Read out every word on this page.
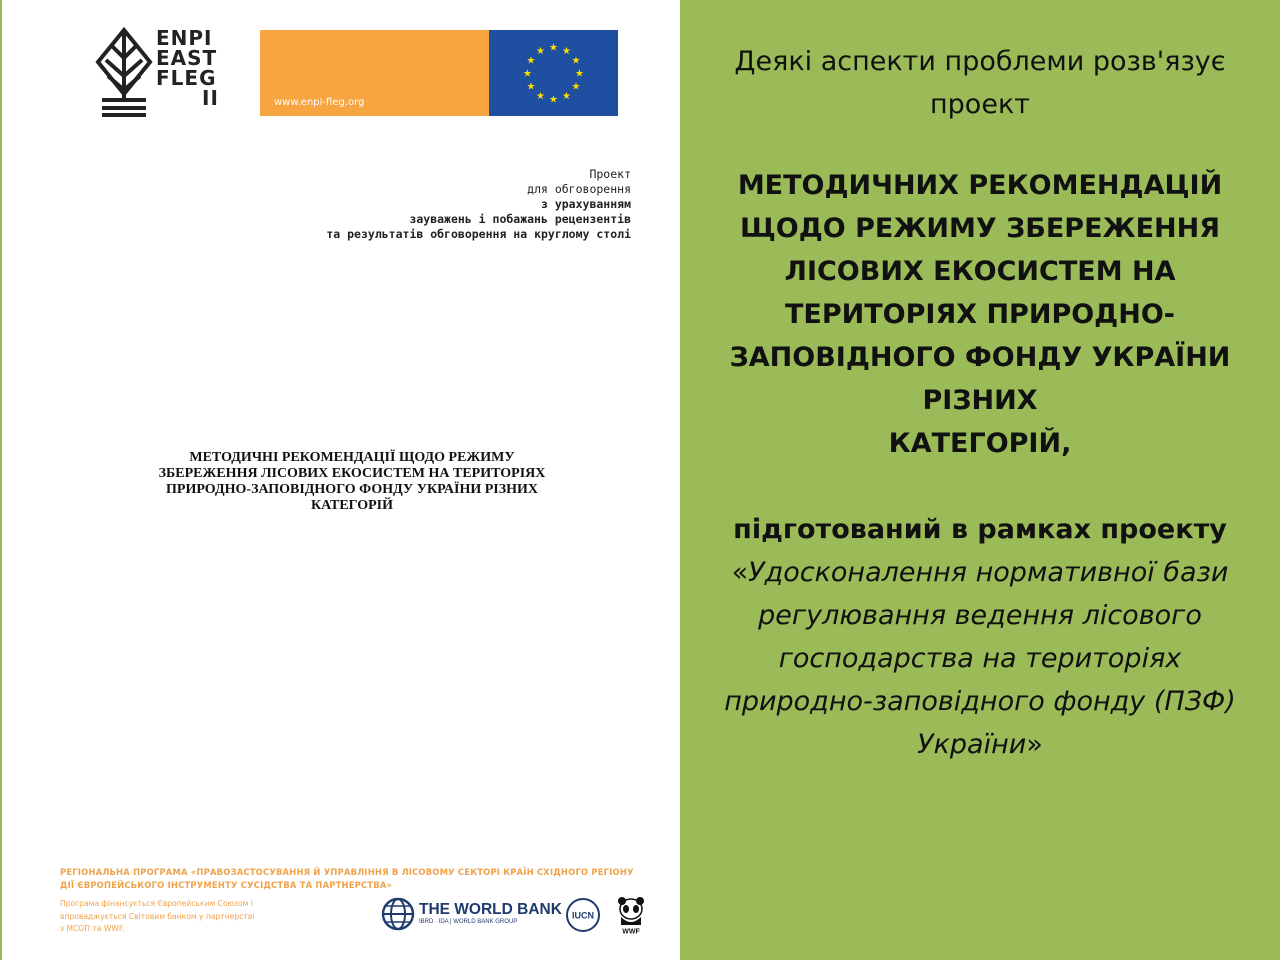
ENPI
EAST
FLEG
II	www.enpi-fleg.org
★ ★
★
★
★
★
★
★
★
★
★
★
Проект
для обговорення
з урахуванням
зауважень і побажань рецензентів
та результатів обговорення на круглому столі
МЕТОДИЧНІ РЕКОМЕНДАЦІЇ ЩОДО РЕЖИМУ
ЗБЕРЕЖЕННЯ ЛІСОВИХ ЕКОСИСТЕМ НА ТЕРИТОРІЯХ
ПРИРОДНО-ЗАПОВІДНОГО ФОНДУ УКРАЇНИ РІЗНИХ
КАТЕГОРІЙ
РЕГІОНАЛЬНА ПРОГРАМА «ПРАВОЗАСТОСУВАННЯ Й УПРАВЛІННЯ В ЛІСОВОМУ СЕКТОРІ КРАЇН СХІДНОГО РЕГІОНУ
ДІЇ ЄВРОПЕЙСЬКОГО ІНСТРУМЕНТУ СУСІДСТВА ТА ПАРТНЕРСТВА»
Програма фінансується Європейським Союзом і
впроваджується Світовим банком у партнерстві
з МСОП та WWF.
THE WORLD BANK
IBRD · IDA | WORLD BANK GROUP
IUCN
WWF
Деякі аспекти проблеми розв'язує
проект
МЕТОДИЧНИХ РЕКОМЕНДАЦІЙ
ЩОДО РЕЖИМУ ЗБЕРЕЖЕННЯ
ЛІСОВИХ ЕКОСИСТЕМ НА
ТЕРИТОРІЯХ ПРИРОДНО-
ЗАПОВІДНОГО ФОНДУ УКРАЇНИ
РІЗНИХ
КАТЕГОРІЙ,
підготований в рамках проекту
«Удосконалення нормативної бази
регулювання ведення лісового
господарства на територіях
природно-заповідного фонду (ПЗФ)
України»
